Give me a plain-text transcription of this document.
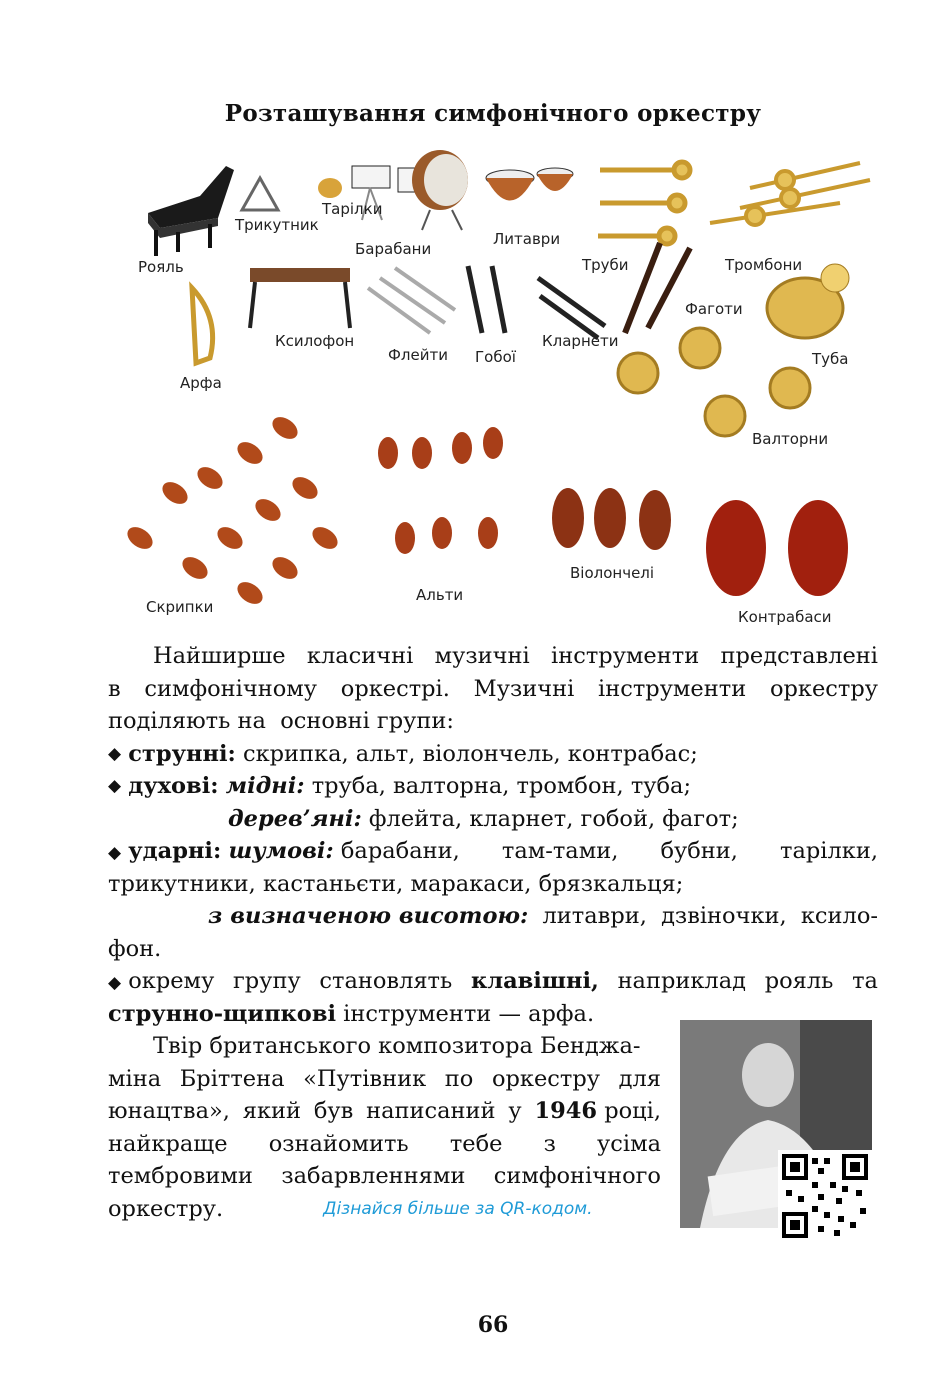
Розташування симфонічного оркестру
Рояль
Трикутник
Тарілки
Барабани
Литаври
Труби	Тромбони
Ксилофон
Флейти Гобої
Кларнети
Фаготи
Туба
Арфа
Валторни
Скрипки
Альти
Віолончелі
Контрабаси
Найширше класичні музичні інструменти представлені
в симфонічному оркестрі. Музичні інструменти оркестру
поділяють на  основні групи:
◆
струнні: скрипка, альт, віолончель, контрабас;
◆
духові:
мідні: труба, валторна, тромбон, туба;
дерев’яні: флейта, кларнет, гобой, фагот;
◆ ударні: шумові: барабани, там-тами, бубни, тарілки,
трикутники, кастаньєти, маракаси, брязкальця;
з визначеною висотою: литаври, дзвіночки, ксило-
фон.
◆ окрему групу становлять клавішні, наприклад рояль та
струнно-щипкові інструменти — арфа.
Твір британського композитора Бенджа-
міна Бріттена «Путівник по оркестру для
юнацтва», який був написаний у 1946 році,
найкраще ознайомить тебе з усіма
тембровими забарвленнями симфонічного
оркестру.	Дізнайся більше за QR-кодом.
66
